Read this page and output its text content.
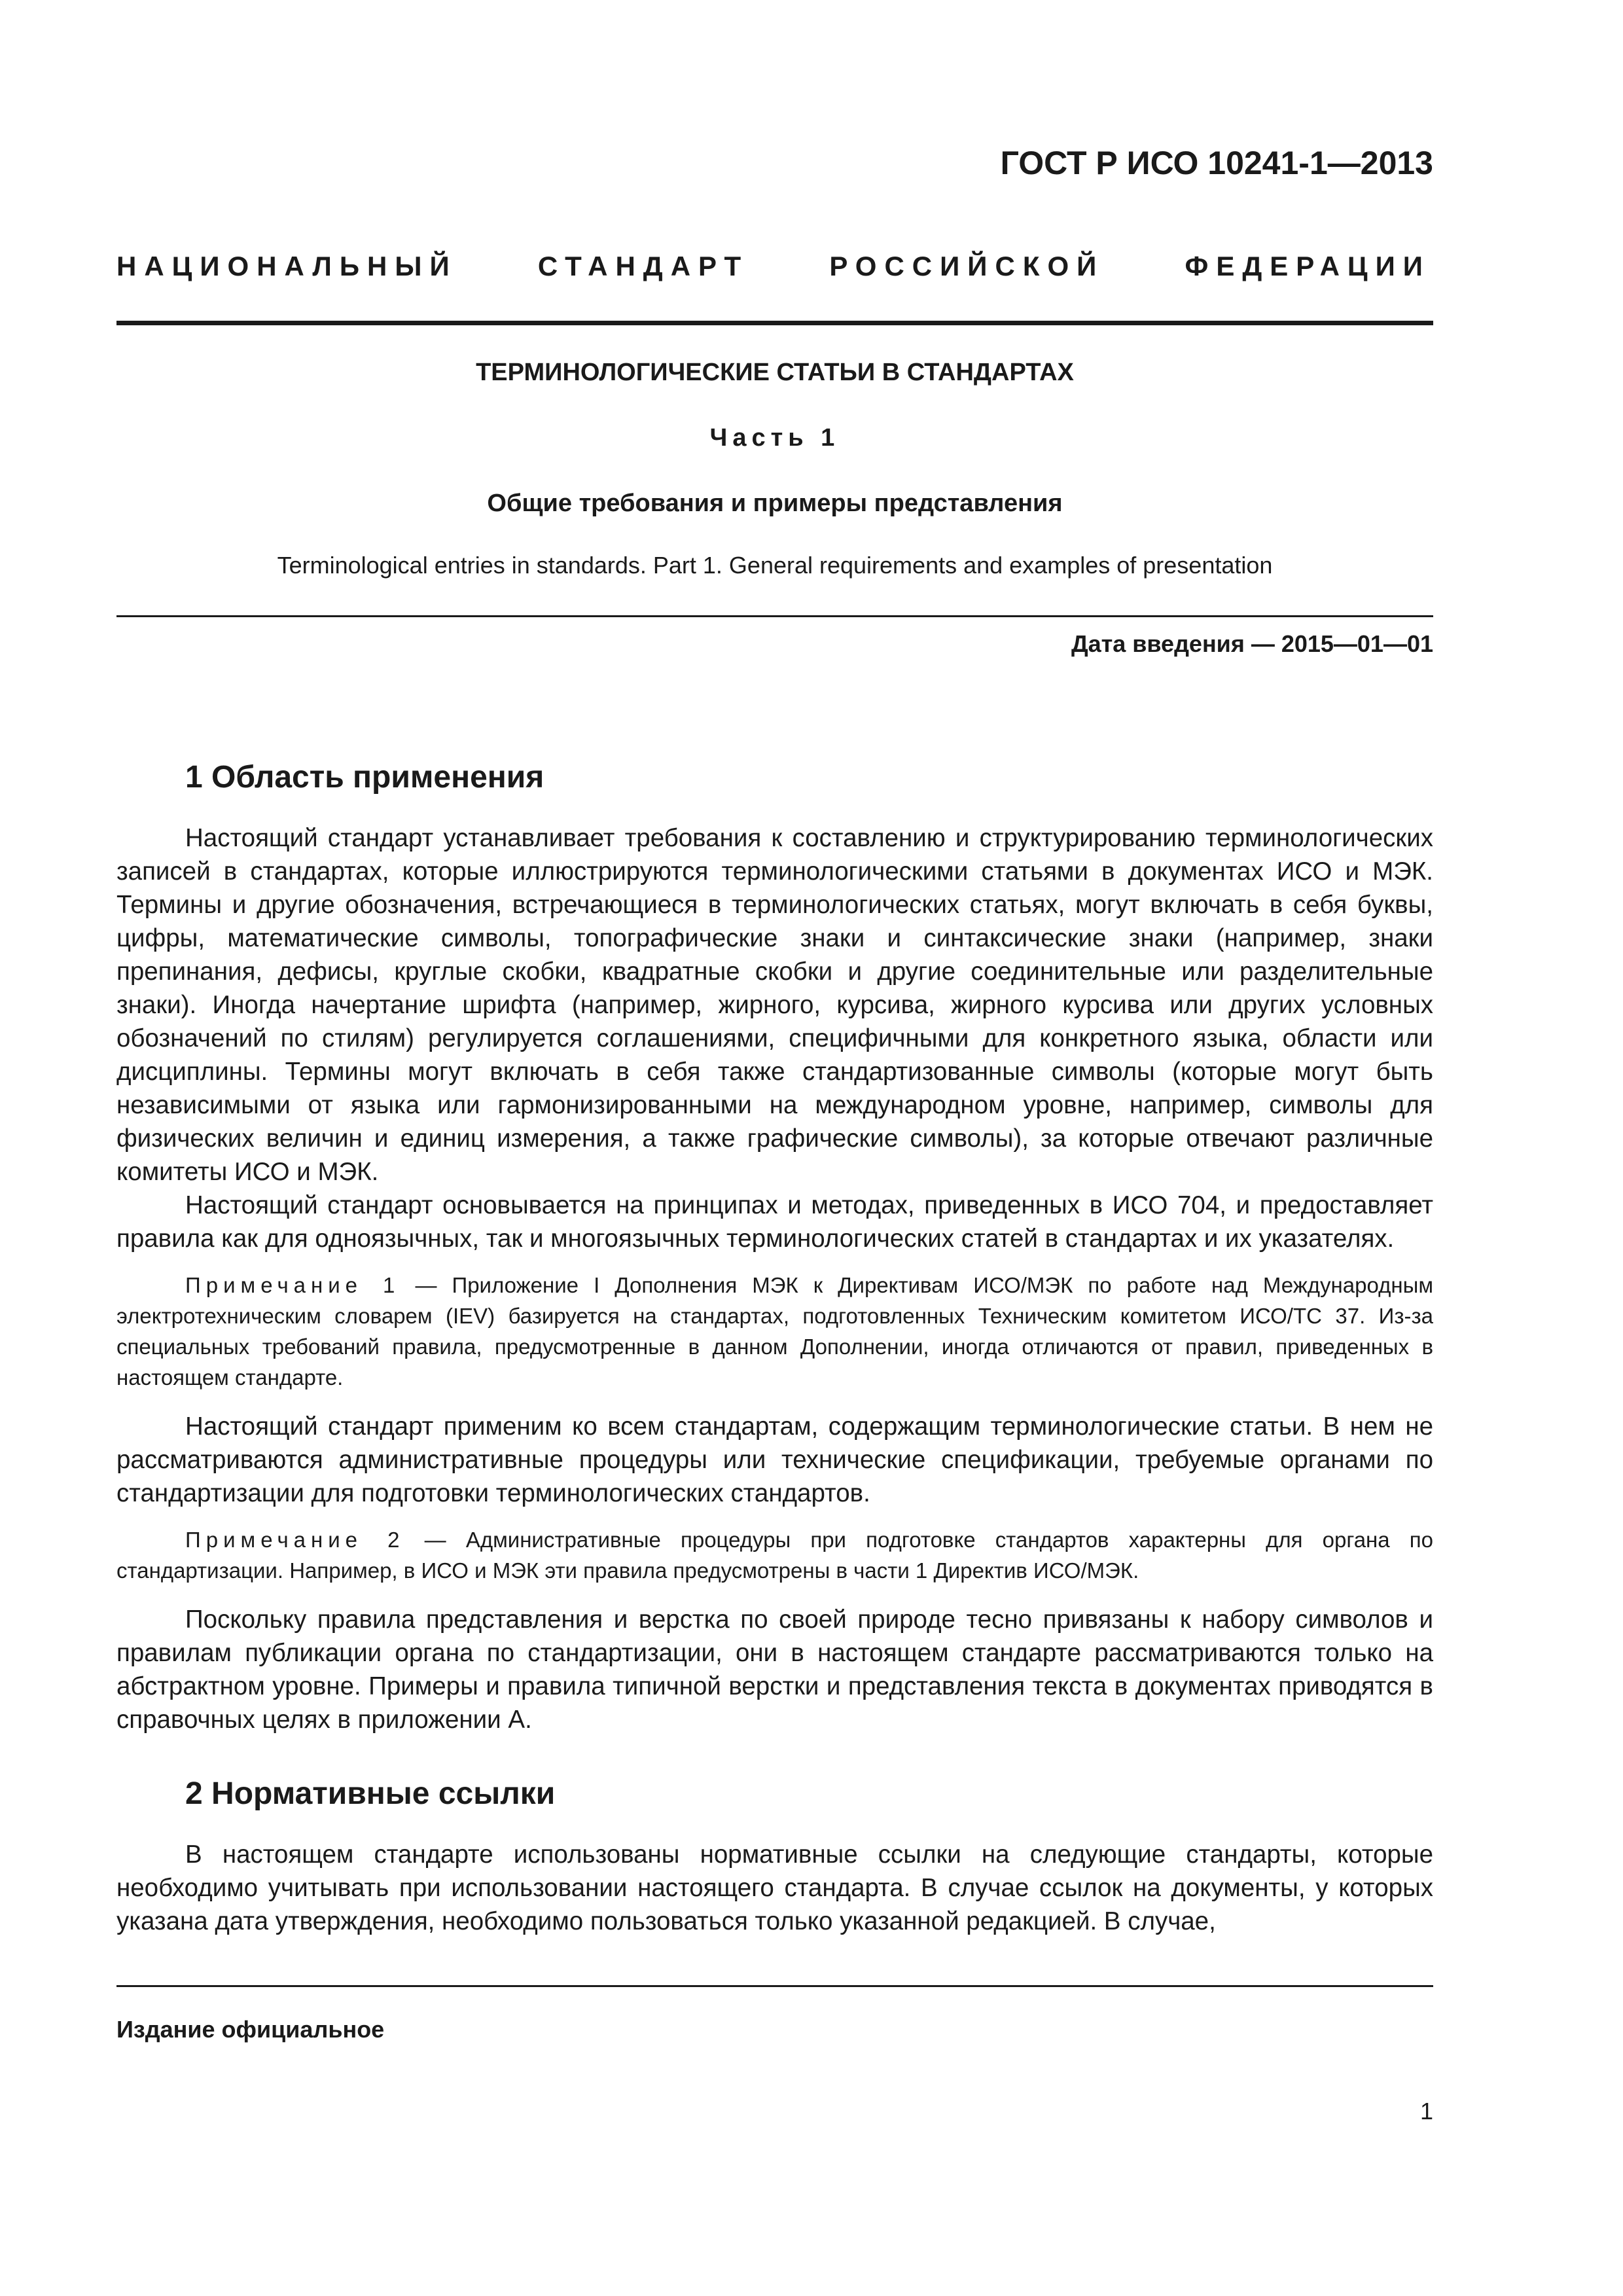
ГОСТ Р ИСО 10241-1—2013
НАЦИОНАЛЬНЫЙ СТАНДАРТ РОССИЙСКОЙ ФЕДЕРАЦИИ
ТЕРМИНОЛОГИЧЕСКИЕ СТАТЬИ В СТАНДАРТАХ
Часть 1
Общие требования и примеры представления
Terminological entries in standards. Part 1. General requirements and examples of presentation
Дата введения — 2015—01—01
1 Область применения

Настоящий стандарт устанавливает требования к составлению и структурированию терминологических записей в стандартах, которые иллюстрируются терминологическими статьями в документах ИСО и МЭК. Термины и другие обозначения, встречающиеся в терминологических статьях, могут включать в себя буквы, цифры, математические символы, топографические знаки и синтаксические знаки (например, знаки препинания, дефисы, круглые скобки, квадратные скобки и другие соединительные или разделительные знаки). Иногда начертание шрифта (например, жирного, курсива, жирного курсива или других условных обозначений по стилям) регулируется соглашениями, специфичными для конкретного языка, области или дисциплины. Термины могут включать в себя также стандартизованные символы (которые могут быть независимыми от языка или гармонизированными на международном уровне, например, символы для физических величин и единиц измерения, а также графические символы), за которые отвечают различные комитеты ИСО и МЭК.

Настоящий стандарт основывается на принципах и методах, приведенных в ИСО 704, и предоставляет правила как для одноязычных, так и многоязычных терминологических статей в стандартах и их указателях.

Примечание 1 — Приложение I Дополнения МЭК к Директивам ИСО/МЭК по работе над Международным электротехническим словарем (IEV) базируется на стандартах, подготовленных Техническим комитетом ИСО/ТС 37. Из-за специальных требований правила, предусмотренные в данном Дополнении, иногда отличаются от правил, приведенных в настоящем стандарте.

Настоящий стандарт применим ко всем стандартам, содержащим терминологические статьи. В нем не рассматриваются административные процедуры или технические спецификации, требуемые органами по стандартизации для подготовки терминологических стандартов.

Примечание 2 — Административные процедуры при подготовке стандартов характерны для органа по стандартизации. Например, в ИСО и МЭК эти правила предусмотрены в части 1 Директив ИСО/МЭК.

Поскольку правила представления и верстка по своей природе тесно привязаны к набору символов и правилам публикации органа по стандартизации, они в настоящем стандарте рассматриваются только на абстрактном уровне. Примеры и правила типичной верстки и представления текста в документах приводятся в справочных целях в приложении А.

2 Нормативные ссылки

В настоящем стандарте использованы нормативные ссылки на следующие стандарты, которые необходимо учитывать при использовании настоящего стандарта. В случае ссылок на документы, у которых указана дата утверждения, необходимо пользоваться только указанной редакцией. В случае,

Издание официальное
1
